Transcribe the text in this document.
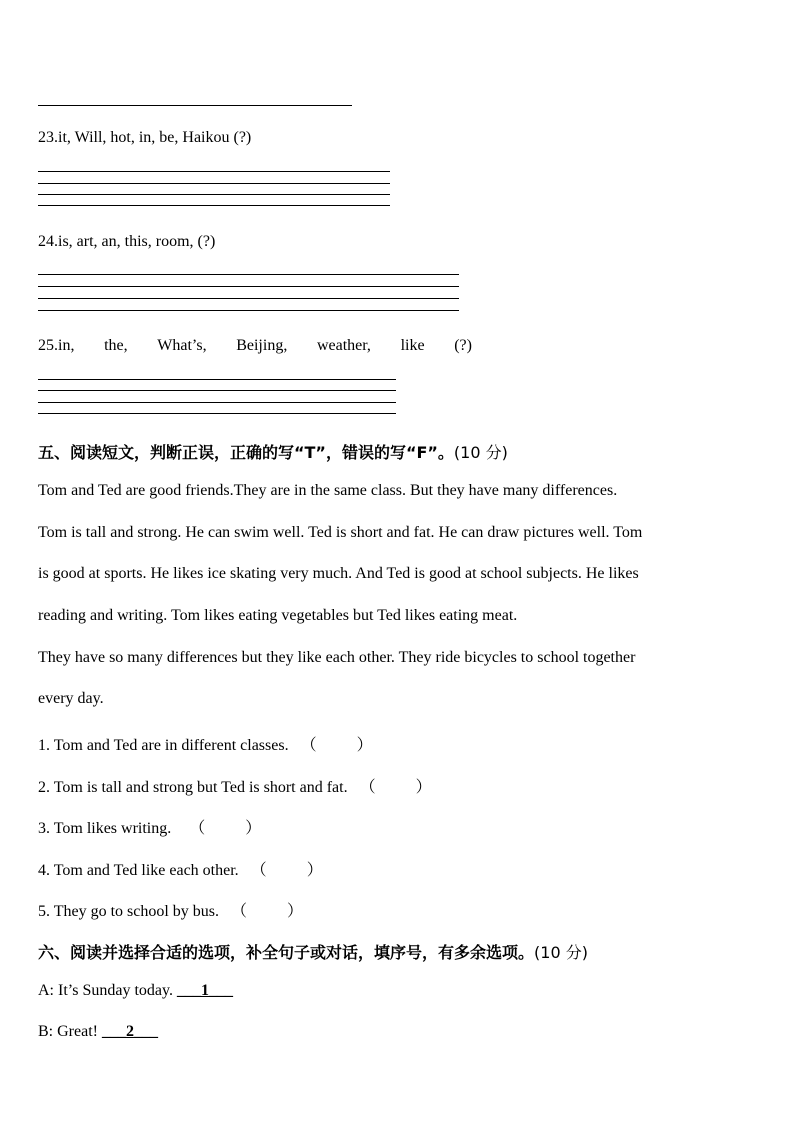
23.it, Will, hot, in, be, Haikou (?)
24.is, art, an, this, room, (?)
25.in, the, What’s, Beijing, weather, like (?)
五、阅读短文，判断正误，正确的写“T”，错误的写“F”。(10 分)
Tom and Ted are good friends.They are in the same class. But they have many differences.
Tom is tall and strong. He can swim well. Ted is short and fat. He can draw pictures well. Tom
is good at sports. He likes ice skating very much. And Ted is good at school subjects. He likes
reading and writing. Tom likes eating vegetables but Ted likes eating meat.
They have so many differences but they like each other. They ride bicycles to school together
every day.
1. Tom and Ted are in different classes. （	）
2. Tom is tall and strong but Ted is short and fat. （	）
3. Tom likes writing. （	）
4. Tom and Ted like each other. （	）
5. They go to school by bus. （	）
六、阅读并选择合适的选项，补全句子或对话，填序号，有多余选项。(10 分)
A: It’s Sunday today. ___1___
B: Great! ___2___
